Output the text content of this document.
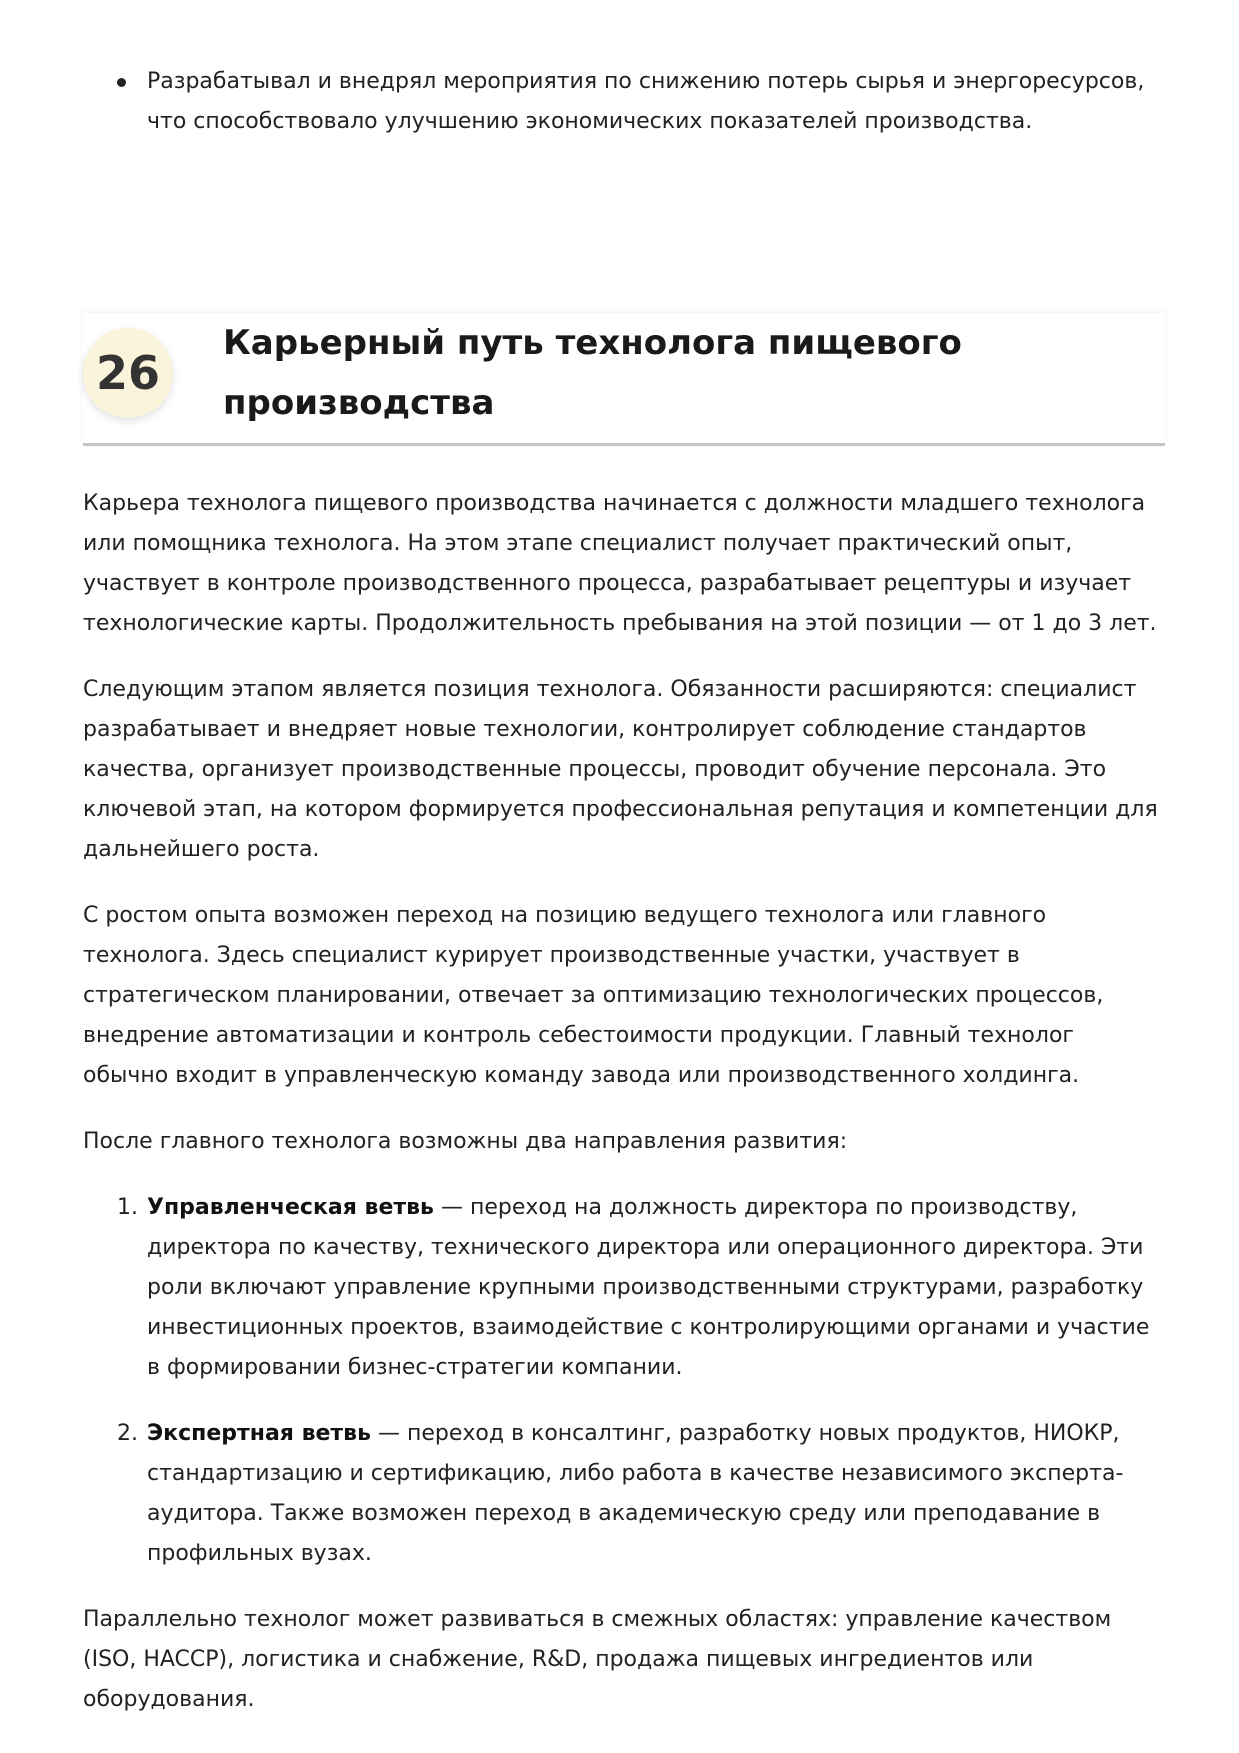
Разрабатывал и внедрял мероприятия по снижению потерь сырья и энергоресурсов, что способствовало улучшению экономических показателей производства.
26
Карьерный путь технолога пищевого производства

Карьера технолога пищевого производства начинается с должности младшего технолога или помощника технолога. На этом этапе специалист получает практический опыт, участвует в контроле производственного процесса, разрабатывает рецептуры и изучает технологические карты. Продолжительность пребывания на этой позиции — от 1 до 3 лет.

Следующим этапом является позиция технолога. Обязанности расширяются: специалист разрабатывает и внедряет новые технологии, контролирует соблюдение стандартов качества, организует производственные процессы, проводит обучение персонала. Это ключевой этап, на котором формируется профессиональная репутация и компетенции для дальнейшего роста.

С ростом опыта возможен переход на позицию ведущего технолога или главного технолога. Здесь специалист курирует производственные участки, участвует в стратегическом планировании, отвечает за оптимизацию технологических процессов, внедрение автоматизации и контроль себестоимости продукции. Главный технолог обычно входит в управленческую команду завода или производственного холдинга.

После главного технолога возможны два направления развития:

1. Управленческая ветвь — переход на должность директора по производству, директора по качеству, технического директора или операционного директора. Эти роли включают управление крупными производственными структурами, разработку инвестиционных проектов, взаимодействие с контролирующими органами и участие в формировании бизнес-стратегии компании.
2. Экспертная ветвь — переход в консалтинг, разработку новых продуктов, НИОКР, стандартизацию и сертификацию, либо работа в качестве независимого эксперта-аудитора. Также возможен переход в академическую среду или преподавание в профильных вузах.

Параллельно технолог может развиваться в смежных областях: управление качеством (ISO, HACCP), логистика и снабжение, R&D, продажа пищевых ингредиентов или оборудования.
